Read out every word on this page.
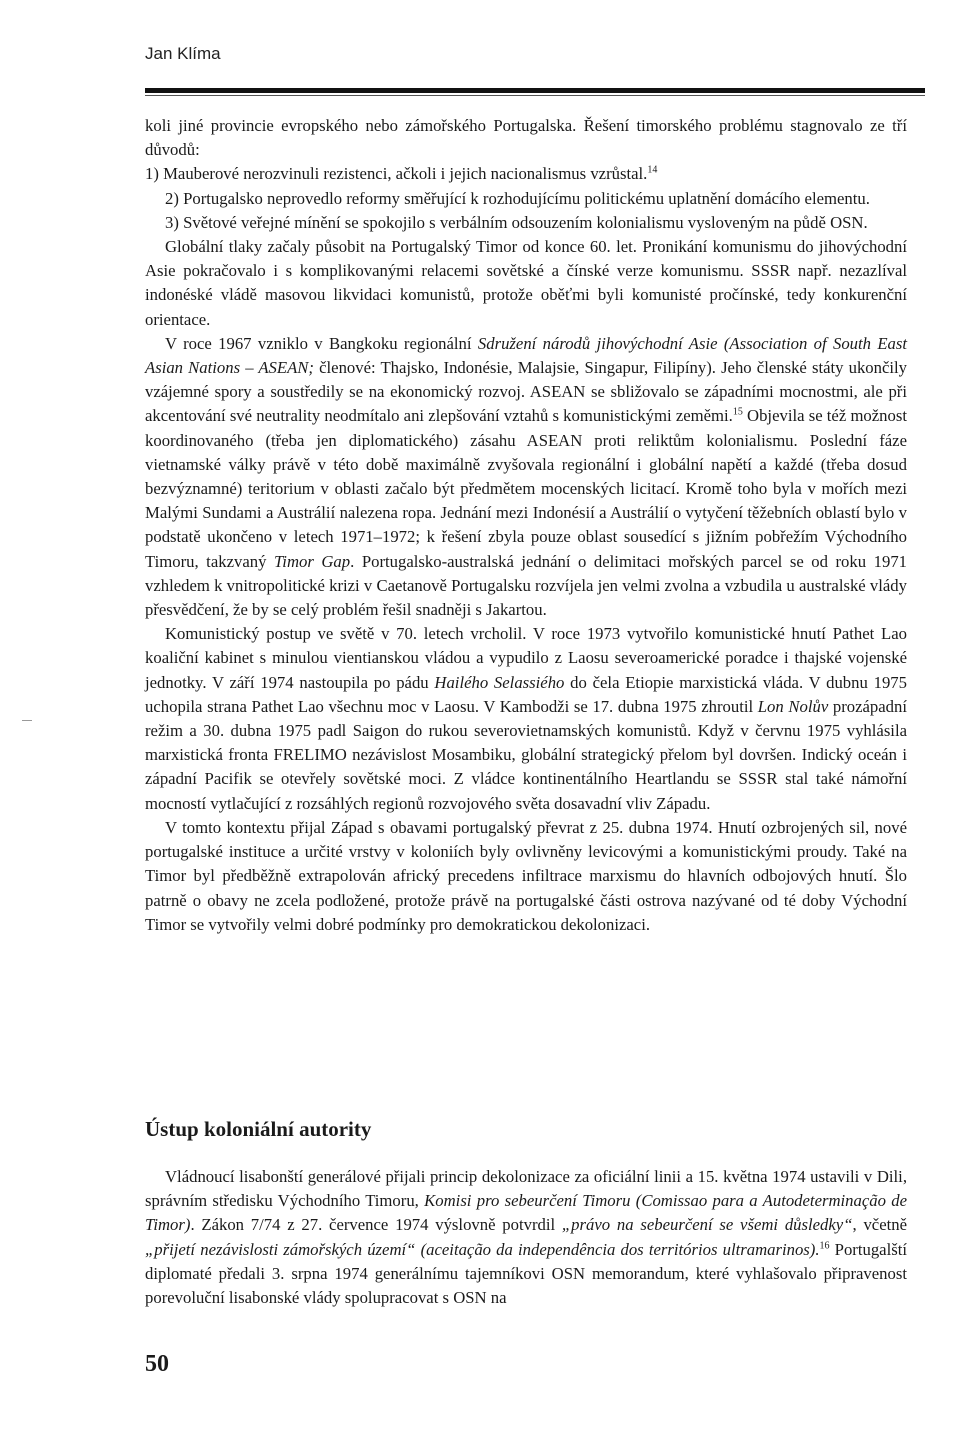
Jan Klíma

koli jiné provincie evropského nebo zámořského Portugalska. Řešení timorského problému stagnovalo ze tří důvodů:

1) Mauberové nerozvinuli rezistenci, ačkoli i jejich nacionalismus vzrůstal.$^{14}$

2) Portugalsko neprovedlo reformy směřující k rozhodujícímu politickému uplatnění domácího elementu.

3) Světové veřejné mínění se spokojilo s verbálním odsouzením kolonialismu vysloveným na půdě OSN.

Globální tlaky začaly působit na Portugalský Timor od konce 60. let. Pronikání komunismu do jihovýchodní Asie pokračovalo i s komplikovanými relacemi sovětské a čínské verze komunismu. SSSR např. nezazlíval indonéské vládě masovou likvidaci komunistů, protože oběťmi byli komunisté pročínské, tedy konkurenční orientace.

V roce 1967 vzniklo v Bangkoku regionální Sdružení národů jihovýchodní Asie (Association of South East Asian Nations – ASEAN; členové: Thajsko, Indonésie, Malajsie, Singapur, Filipíny). Jeho členské státy ukončily vzájemné spory a soustředily se na ekonomický rozvoj. ASEAN se sbližovalo se západními mocnostmi, ale při akcentování své neutrality neodmítalo ani zlepšování vztahů s komunistickými zeměmi.$^{15}$ Objevila se též možnost koordinovaného (třeba jen diplomatického) zásahu ASEAN proti reliktům kolonialismu. Poslední fáze vietnamské války právě v této době maximálně zvyšovala regionální i globální napětí a každé (třeba dosud bezvýznamné) teritorium v oblasti začalo být předmětem mocenských licitací. Kromě toho byla v mořích mezi Malými Sundami a Austrálií nalezena ropa. Jednání mezi Indonésií a Austrálií o vytyčení těžebních oblastí bylo v podstatě ukončeno v letech 1971–1972; k řešení zbyla pouze oblast sousedící s jižním pobřežím Východního Timoru, takzvaný Timor Gap. Portugalsko-australská jednání o delimitaci mořských parcel se od roku 1971 vzhledem k vnitropolitické krizi v Caetanově Portugalsku rozvíjela jen velmi zvolna a vzbudila u australské vlády přesvědčení, že by se celý problém řešil snadněji s Jakartou.

Komunistický postup ve světě v 70. letech vrcholil. V roce 1973 vytvořilo komunistické hnutí Pathet Lao koaliční kabinet s minulou vientianskou vládou a vypudilo z Laosu severoamerické poradce i thajské vojenské jednotky. V září 1974 nastoupila po pádu Hailého Selassiého do čela Etiopie marxistická vláda. V dubnu 1975 uchopila strana Pathet Lao všechnu moc v Laosu. V Kambodži se 17. dubna 1975 zhroutil Lon Nolův prozápadní režim a 30. dubna 1975 padl Saigon do rukou severovietnamských komunistů. Když v červnu 1975 vyhlásila marxistická fronta FRELIMO nezávislost Mosambiku, globální strategický přelom byl dovršen. Indický oceán i západní Pacifik se otevřely sovětské moci. Z vládce kontinentálního Heartlandu se SSSR stal také námořní mocností vytlačující z rozsáhlých regionů rozvojového světa dosavadní vliv Západu.

V tomto kontextu přijal Západ s obavami portugalský převrat z 25. dubna 1974. Hnutí ozbrojených sil, nové portugalské instituce a určité vrstvy v koloniích byly ovlivněny levicovými a komunistickými proudy. Také na Timor byl předběžně extrapolován africký precedens infiltrace marxismu do hlavních odbojových hnutí. Šlo patrně o obavy ne zcela podložené, protože právě na portugalské části ostrova nazývané od té doby Východní Timor se vytvořily velmi dobré podmínky pro demokratickou dekolonizaci.

Ústup koloniální autority

Vládnoucí lisabonští generálové přijali princip dekolonizace za oficiální linii a 15. května 1974 ustavili v Dili, správním středisku Východního Timoru, Komisi pro sebeurčení Timoru (Comissao para a Autodeterminação de Timor). Zákon 7/74 z 27. července 1974 výslovně potvrdil „právo na sebeurčení se všemi důsledky“, včetně „přijetí nezávislosti zámořských území“ (aceitação da independência dos territórios ultramarinos).$^{16}$ Portugalští diplomaté předali 3. srpna 1974 generálnímu tajemníkovi OSN memorandum, které vyhlašovalo připravenost porevoluční lisabonské vlády spolupracovat s OSN na

50
